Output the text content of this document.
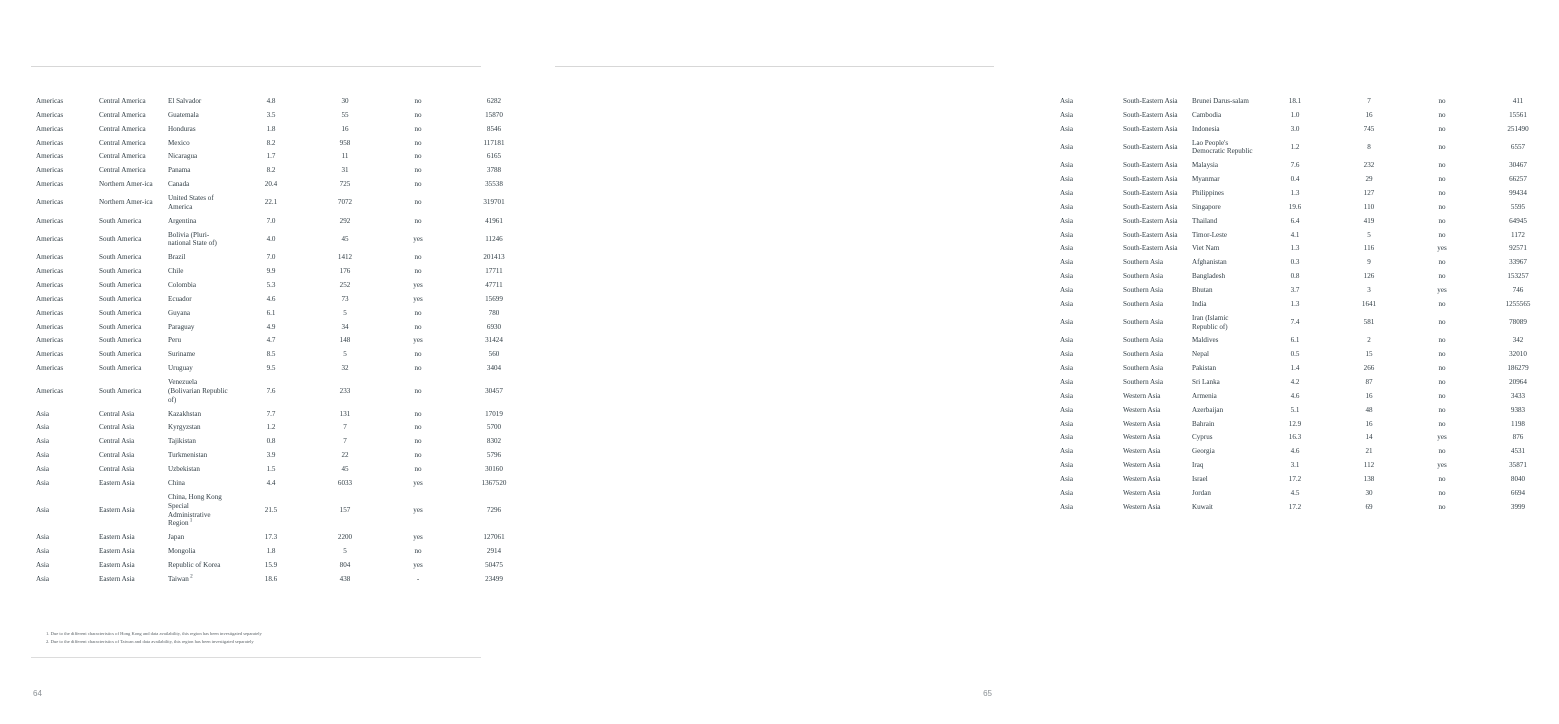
Americas	Central America	El Salvador	4.8	30	no	6282
Americas	Central America	Guatemala	3.5	55	no	15870
Americas	Central America	Honduras	1.8	16	no	8546
Americas	Central America	Mexico	8.2	958	no	117181
Americas	Central America	Nicaragua	1.7	11	no	6165
Americas	Central America	Panama	8.2	31	no	3788
Americas	Northern Amer-ica	Canada	20.4	725	no	35538
Americas	Northern Amer-ica	United States of America	22.1	7072	no	319701
Americas	South America	Argentina	7.0	292	no	41961
Americas	South America	Bolivia (Pluri-national State of)	4.0	45	yes	11246
Americas	South America	Brazil	7.0	1412	no	201413
Americas	South America	Chile	9.9	176	no	17711
Americas	South America	Colombia	5.3	252	yes	47711
Americas	South America	Ecuador	4.6	73	yes	15699
Americas	South America	Guyana	6.1	5	no	780
Americas	South America	Paraguay	4.9	34	no	6930
Americas	South America	Peru	4.7	148	yes	31424
Americas	South America	Suriname	8.5	5	no	560
Americas	South America	Uruguay	9.5	32	no	3404
Americas	South America	Venezuela (Bolivarian Republic of)	7.6	233	no	30457
Asia	Central Asia	Kazakhstan	7.7	131	no	17019
Asia	Central Asia	Kyrgyzstan	1.2	7	no	5700
Asia	Central Asia	Tajikistan	0.8	7	no	8302
Asia	Central Asia	Turkmenistan	3.9	22	no	5796
Asia	Central Asia	Uzbekistan	1.5	45	no	30160
Asia	Eastern Asia	China	4.4	6033	yes	1367520
Asia	Eastern Asia	China, Hong Kong Special Administrative Region $^1$	21.5	157	yes	7296
Asia	Eastern Asia	Japan	17.3	2200	yes	127061
Asia	Eastern Asia	Mongolia	1.8	5	no	2914
Asia	Eastern Asia	Republic of Korea	15.9	804	yes	50475
Asia	Eastern Asia	Taiwan $^2$	18.6	438	-	23499
1. Due to the different characteristics of Hong Kong and data availability, this region has been investigated separately
2. Due to the different characteristics of Taiwan and data availability, this region has been investigated separately
64
Asia	South-Eastern Asia	Brunei Darus-salam	18.1	7	no	411
Asia	South-Eastern Asia	Cambodia	1.0	16	no	15561
Asia	South-Eastern Asia	Indonesia	3.0	745	no	251490
Asia	South-Eastern Asia	Lao People's Democratic Republic	1.2	8	no	6557
Asia	South-Eastern Asia	Malaysia	7.6	232	no	30467
Asia	South-Eastern Asia	Myanmar	0.4	29	no	66257
Asia	South-Eastern Asia	Philippines	1.3	127	no	99434
Asia	South-Eastern Asia	Singapore	19.6	110	no	5595
Asia	South-Eastern Asia	Thailand	6.4	419	no	64945
Asia	South-Eastern Asia	Timor-Leste	4.1	5	no	1172
Asia	South-Eastern Asia	Viet Nam	1.3	116	yes	92571
Asia	Southern Asia	Afghanistan	0.3	9	no	33967
Asia	Southern Asia	Bangladesh	0.8	126	no	153257
Asia	Southern Asia	Bhutan	3.7	3	yes	746
Asia	Southern Asia	India	1.3	1641	no	1255565
Asia	Southern Asia	Iran (Islamic Republic of)	7.4	581	no	78089
Asia	Southern Asia	Maldives	6.1	2	no	342
Asia	Southern Asia	Nepal	0.5	15	no	32010
Asia	Southern Asia	Pakistan	1.4	266	no	186279
Asia	Southern Asia	Sri Lanka	4.2	87	no	20964
Asia	Western Asia	Armenia	4.6	16	no	3433
Asia	Western Asia	Azerbaijan	5.1	48	no	9383
Asia	Western Asia	Bahrain	12.9	16	no	1198
Asia	Western Asia	Cyprus	16.3	14	yes	876
Asia	Western Asia	Georgia	4.6	21	no	4531
Asia	Western Asia	Iraq	3.1	112	yes	35871
Asia	Western Asia	Israel	17.2	138	no	8040
Asia	Western Asia	Jordan	4.5	30	no	6694
Asia	Western Asia	Kuwait	17.2	69	no	3999
65
